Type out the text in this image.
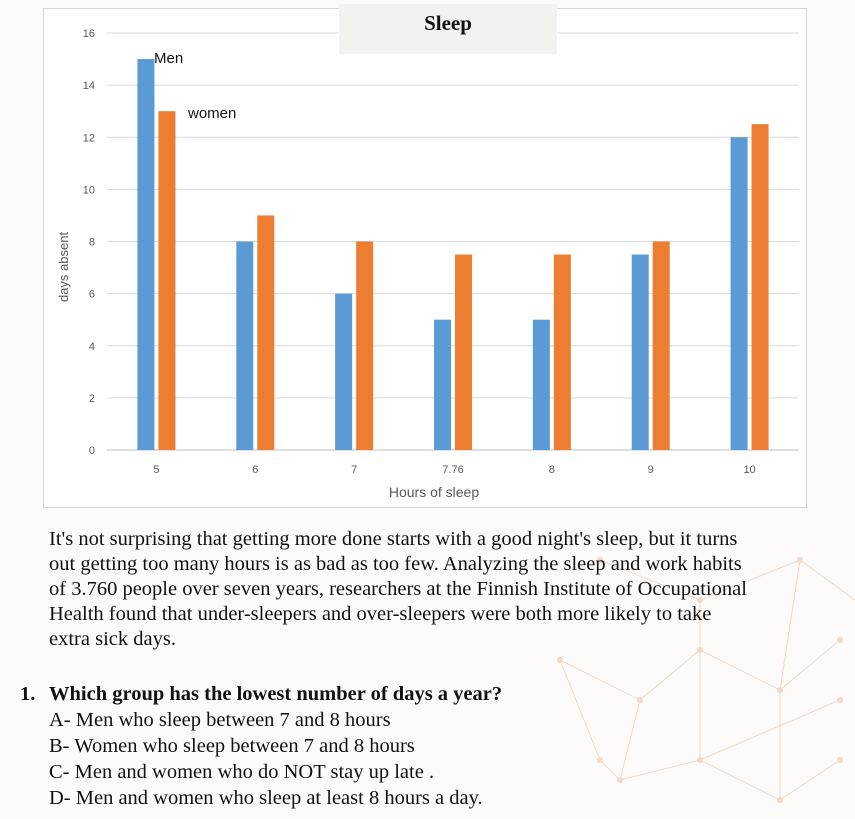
0
2
4
6
8
10
12
14
16
5	6	7	7.76	8	9	10
days absent
Hours of sleep
Men
women
Sleep
It's not surprising that getting more done starts with a good night's sleep, but it turns out getting too many hours is as bad as too few. Analyzing the sleep and work habits of 3.760 people over seven years, researchers at the Finnish Institute of Occupational Health found that under-sleepers and over-sleepers were both more likely to take extra sick days.
1. Which group has the lowest number of days a year?
A- Men who sleep between 7 and 8 hours
B- Women who sleep between 7 and 8 hours
C- Men and women who do NOT stay up late .
D- Men and women who sleep at least 8 hours a day.
